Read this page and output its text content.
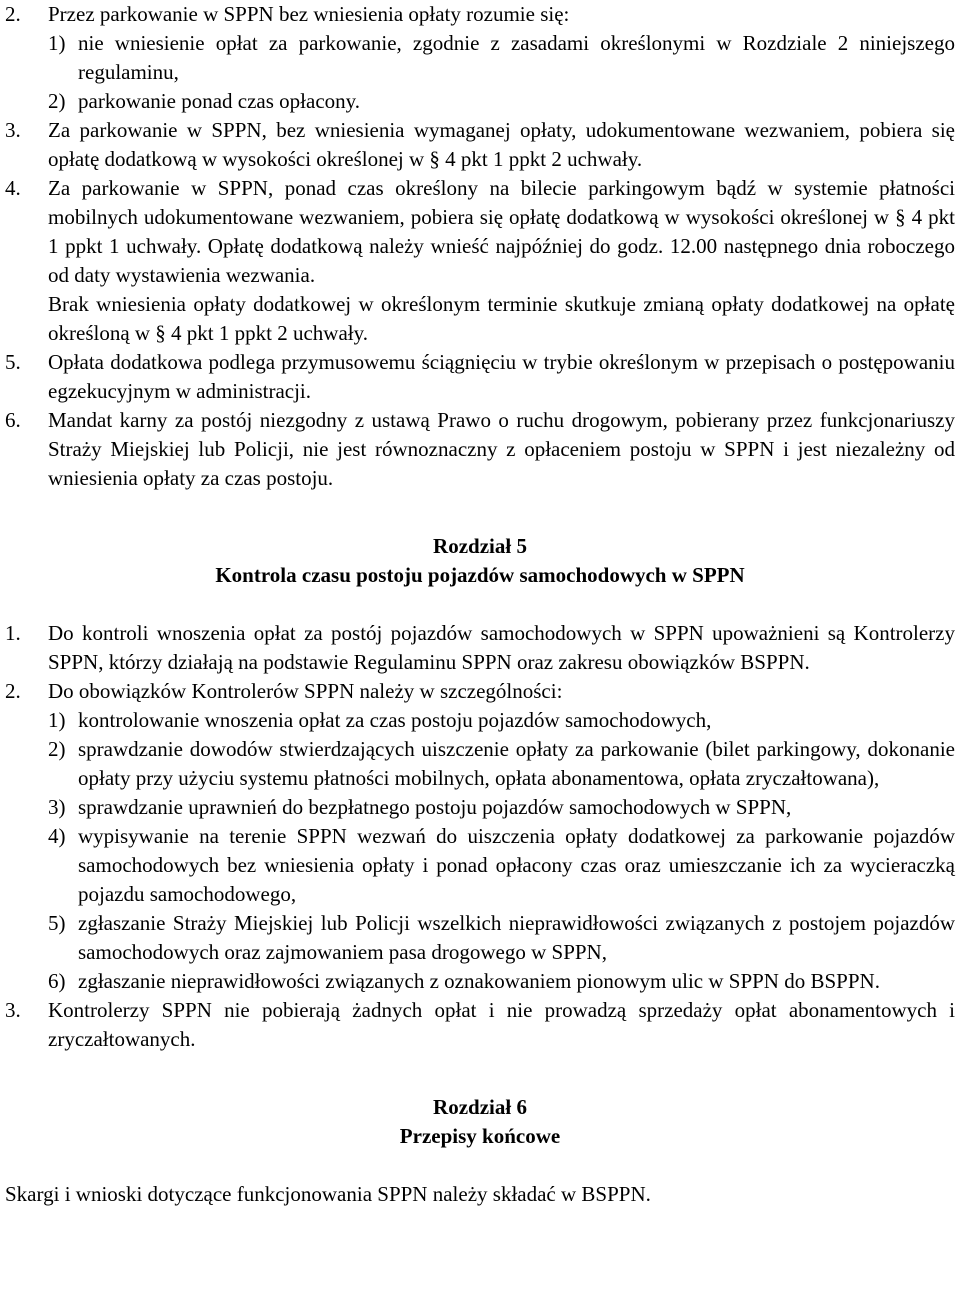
2.	Przez parkowanie w SPPN bez wniesienia opłaty rozumie się:
1) nie wniesienie opłat za parkowanie, zgodnie z zasadami określonymi w Rozdziale 2 niniejszego regulaminu,
2) parkowanie ponad czas opłacony.
3.	Za parkowanie w SPPN, bez wniesienia wymaganej opłaty, udokumentowane wezwaniem, pobiera się opłatę dodatkową w wysokości określonej w § 4 pkt 1 ppkt 2 uchwały.
4.	Za parkowanie w SPPN, ponad czas określony na bilecie parkingowym bądź w systemie płatności mobilnych udokumentowane wezwaniem, pobiera się opłatę dodatkową w wysokości określonej w § 4 pkt 1 ppkt 1 uchwały. Opłatę dodatkową należy wnieść najpóźniej do godz. 12.00 następnego dnia roboczego od daty wystawienia wezwania.

Brak wniesienia opłaty dodatkowej w określonym terminie skutkuje zmianą opłaty dodatkowej na opłatę określoną w § 4 pkt 1 ppkt 2 uchwały.

5.	Opłata dodatkowa podlega przymusowemu ściągnięciu w trybie określonym w przepisach o postępowaniu egzekucyjnym w administracji.
6.	Mandat karny za postój niezgodny z ustawą Prawo o ruchu drogowym, pobierany przez funkcjonariuszy Straży Miejskiej lub Policji, nie jest równoznaczny z opłaceniem postoju w SPPN i jest niezależny od wniesienia opłaty za czas postoju.

Rozdział 5

Kontrola czasu postoju pojazdów samochodowych w SPPN

1.	Do kontroli wnoszenia opłat za postój pojazdów samochodowych w SPPN upoważnieni są Kontrolerzy SPPN, którzy działają na podstawie Regulaminu SPPN oraz zakresu obowiązków BSPPN.
2.	Do obowiązków Kontrolerów SPPN należy w szczególności:
1) kontrolowanie wnoszenia opłat za czas postoju pojazdów samochodowych,
2) sprawdzanie dowodów stwierdzających uiszczenie opłaty za parkowanie (bilet parkingowy, dokonanie opłaty przy użyciu systemu płatności mobilnych, opłata abonamentowa, opłata zryczałtowana),
3) sprawdzanie uprawnień do bezpłatnego postoju pojazdów samochodowych w SPPN,
4) wypisywanie na terenie SPPN wezwań do uiszczenia opłaty dodatkowej za parkowanie pojazdów samochodowych bez wniesienia opłaty i ponad opłacony czas oraz umieszczanie ich za wycieraczką pojazdu samochodowego,
5) zgłaszanie Straży Miejskiej lub Policji wszelkich nieprawidłowości związanych z postojem pojazdów samochodowych oraz zajmowaniem pasa drogowego w SPPN,
6) zgłaszanie nieprawidłowości związanych z oznakowaniem pionowym ulic w SPPN do BSPPN.
3.	Kontrolerzy SPPN nie pobierają żadnych opłat i nie prowadzą sprzedaży opłat abonamentowych i zryczałtowanych.

Rozdział 6

Przepisy końcowe

Skargi i wnioski dotyczące funkcjonowania SPPN należy składać w BSPPN.
